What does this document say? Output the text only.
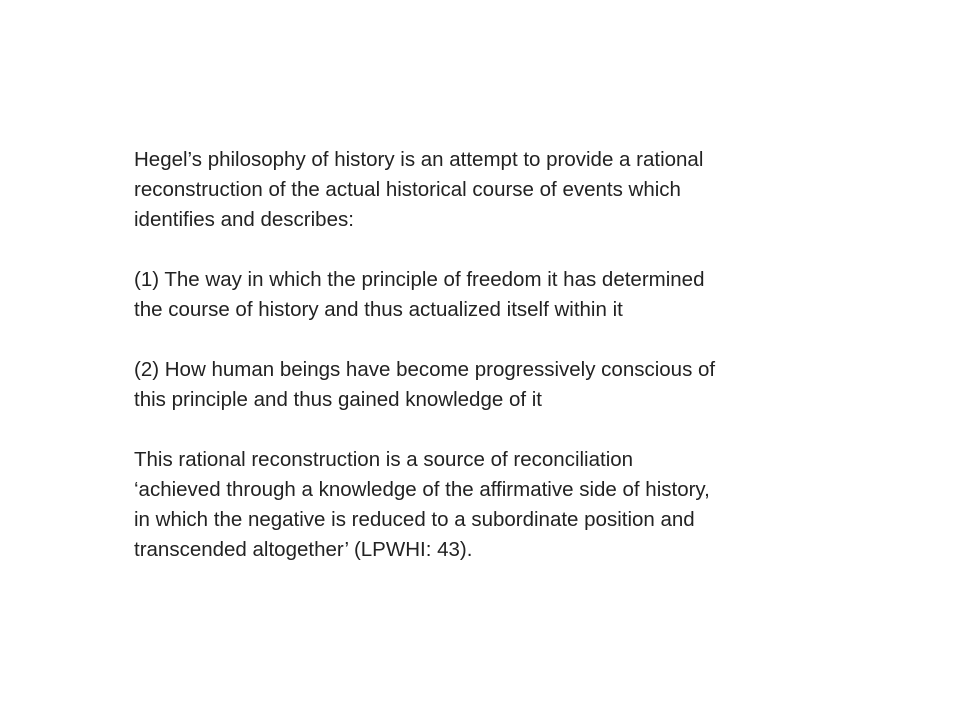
Hegel’s philosophy of history is an attempt to provide a rational
reconstruction of the actual historical course of events which
identifies and describes:

(1) The way in which the principle of freedom it has determined
the course of history and thus actualized itself within it

(2) How human beings have become progressively conscious of
this principle and thus gained knowledge of it

This rational reconstruction is a source of reconciliation
‘achieved through a knowledge of the affirmative side of history,
in which the negative is reduced to a subordinate position and
transcended altogether’ (LPWHI: 43).
